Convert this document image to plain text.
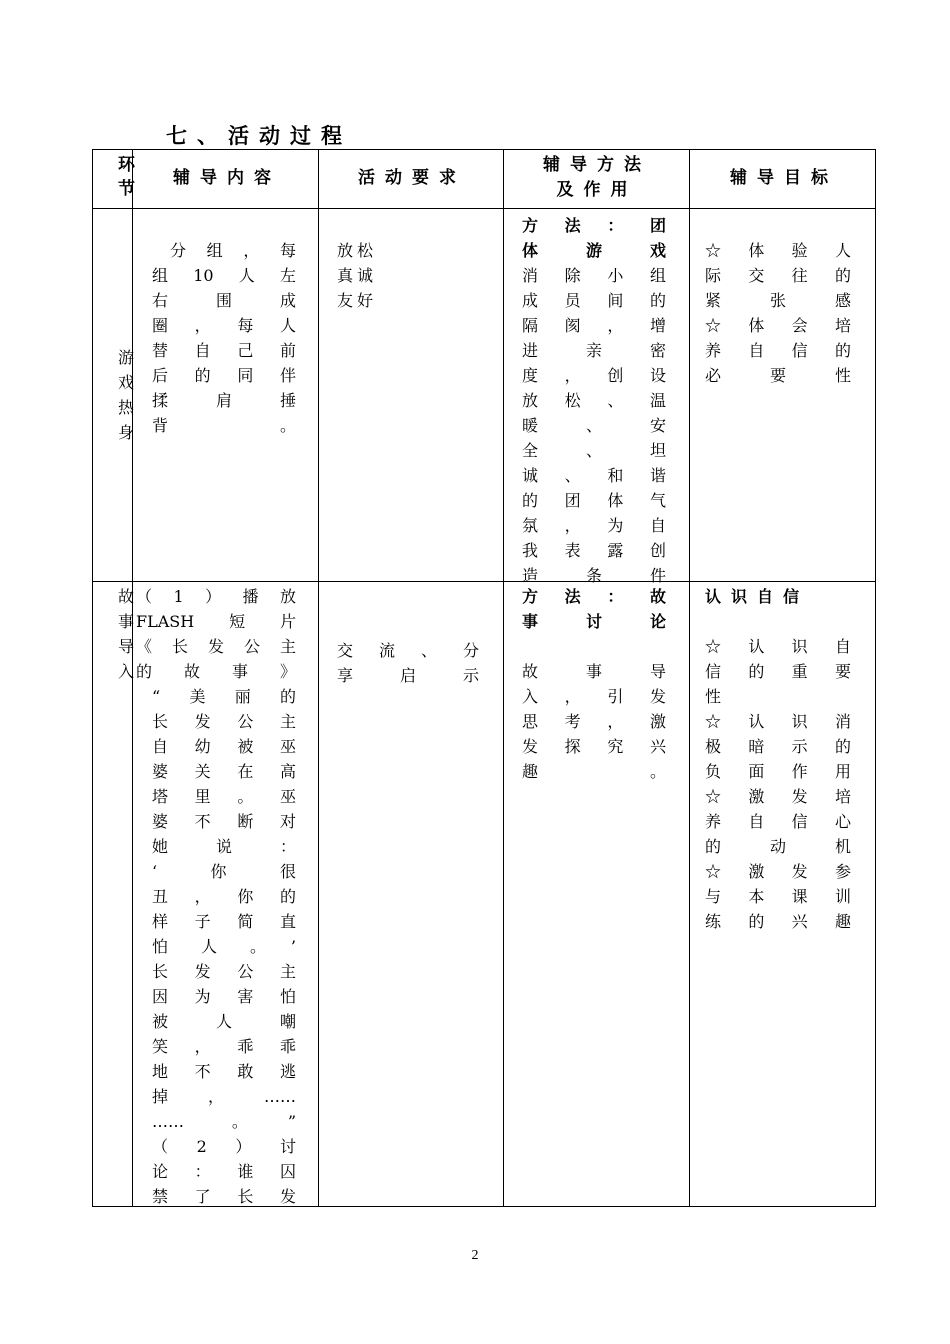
七、活动过程
环
节
辅导内容	活动要求
辅导方法
及作用
辅导目标
游
戏
热
身
分组，每
组10人左
右围成
圈，每人
替自己前
后的同伴
揉肩捶
背。
放松
真诚
友好
方法：团
体游戏
消除小组
成员间的
隔阂，增
进亲密
度，创设
放松、温
暖、安
全、坦
诚、和谐
的团体气
氛，为自
我表露创
造条件
☆体验人
际交往的
紧张感
☆体会培
养自信的
必要性
故
事
导
入
（1）播放
FLASH短片
《长发公主
的故事》
“美丽的
长发公主
自幼被巫
婆关在高
塔里。巫
婆不断对
她说：
‘你很
丑，你的
样子简直
怕人。’
长发公主
因为害怕
被人嘲
笑，乖乖
地不敢逃
掉，……
……。”
（2）讨
论：谁囚
禁了长发
交流、分
享启示
方法：故
事讨论
故事导
入，引发
思考，激
发探究兴
趣。
认识自信
☆认识自
信的重要
性
☆认识消
极暗示的
负面作用
☆激发培
养自信心
的动机
☆激发参
与本课训
练的兴趣
2
